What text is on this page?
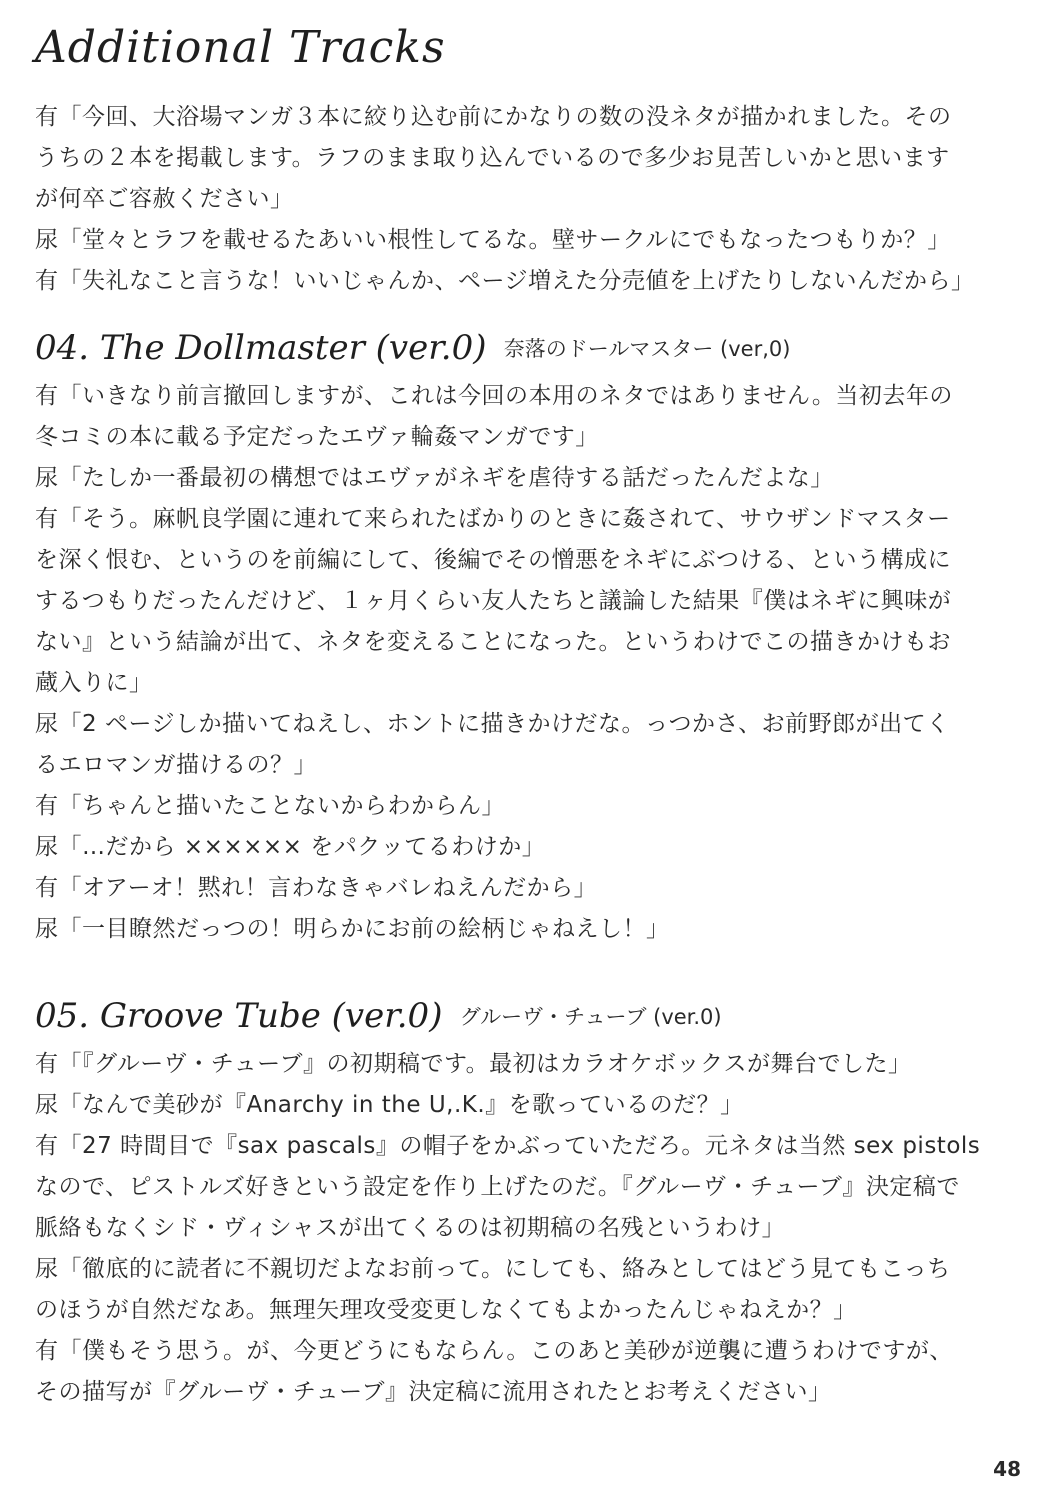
Additional Tracks
有「今回、大浴場マンガ３本に絞り込む前にかなりの数の没ネタが描かれました。その
うちの２本を掲載します。ラフのまま取り込んでいるので多少お見苦しいかと思います
が何卒ご容赦ください」
尿「堂々とラフを載せるたあいい根性してるな。壁サークルにでもなったつもりか？」
有「失礼なこと言うな！いいじゃんか、ページ増えた分売値を上げたりしないんだから」
04. The Dollmaster (ver.0) 奈落のドールマスター (ver,0)
有「いきなり前言撤回しますが、これは今回の本用のネタではありません。当初去年の
冬コミの本に載る予定だったエヴァ輪姦マンガです」
尿「たしか一番最初の構想ではエヴァがネギを虐待する話だったんだよな」
有「そう。麻帆良学園に連れて来られたばかりのときに姦されて、サウザンドマスター
を深く恨む、というのを前編にして、後編でその憎悪をネギにぶつける、という構成に
するつもりだったんだけど、１ヶ月くらい友人たちと議論した結果『僕はネギに興味が
ない』という結論が出て、ネタを変えることになった。というわけでこの描きかけもお
蔵入りに」
尿「2 ページしか描いてねえし、ホントに描きかけだな。っつかさ、お前野郎が出てく
るエロマンガ描けるの？」
有「ちゃんと描いたことないからわからん」
尿「…だから ×××××× をパクッてるわけか」
有「オアーオ！黙れ！言わなきゃバレねえんだから」
尿「一目瞭然だっつの！明らかにお前の絵柄じゃねえし！」
05. Groove Tube (ver.0) グルーヴ・チューブ (ver.0)
有「『グルーヴ・チューブ』の初期稿です。最初はカラオケボックスが舞台でした」
尿「なんで美砂が『Anarchy in the U,.K.』を歌っているのだ？」
有「27 時間目で『sax pascals』の帽子をかぶっていただろ。元ネタは当然 sex pistols
なので、ピストルズ好きという設定を作り上げたのだ。『グルーヴ・チューブ』決定稿で
脈絡もなくシド・ヴィシャスが出てくるのは初期稿の名残というわけ」
尿「徹底的に読者に不親切だよなお前って。にしても、絡みとしてはどう見てもこっち
のほうが自然だなあ。無理矢理攻受変更しなくてもよかったんじゃねえか？」
有「僕もそう思う。が、今更どうにもならん。このあと美砂が逆襲に遭うわけですが、
その描写が『グルーヴ・チューブ』決定稿に流用されたとお考えください」
48
